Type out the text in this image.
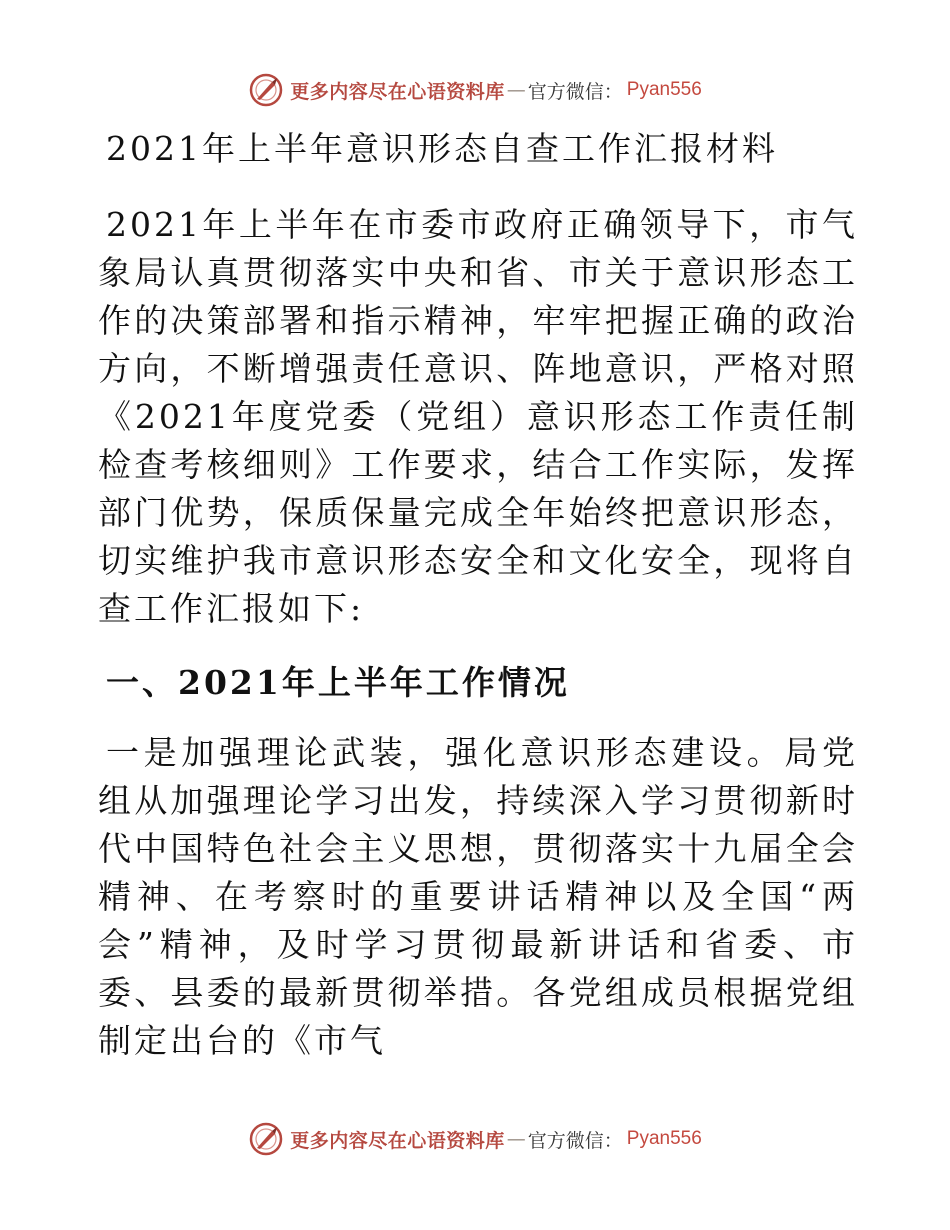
更多内容尽在心语资料库 — 官方微信 ： Pyan556
2021年上半年意识形态自查工作汇报材料

2021年上半年在市委市政府正确领导下，市气象局认真贯彻落实中央和省、市关于意识形态工作的决策部署和指示精神，牢牢把握正确的政治方向，不断增强责任意识、阵地意识，严格对照《2021年度党委（党组）意识形态工作责任制检查考核细则》工作要求，结合工作实际，发挥部门优势，保质保量完成全年始终把意识形态，切实维护我市意识形态安全和文化安全，现将自查工作汇报如下:

一、2021年上半年工作情况

一是加强理论武装，强化意识形态建设。局党组从加强理论学习出发，持续深入学习贯彻新时代中国特色社会主义思想，贯彻落实十九届全会精神、在考察时的重要讲话精神以及全国“两会”精神，及时学习贯彻最新讲话和省委、市委、县委的最新贯彻举措。各党组成员根据党组制定出台的《市气

更多内容尽在心语资料库 — 官方微信 ： Pyan556
